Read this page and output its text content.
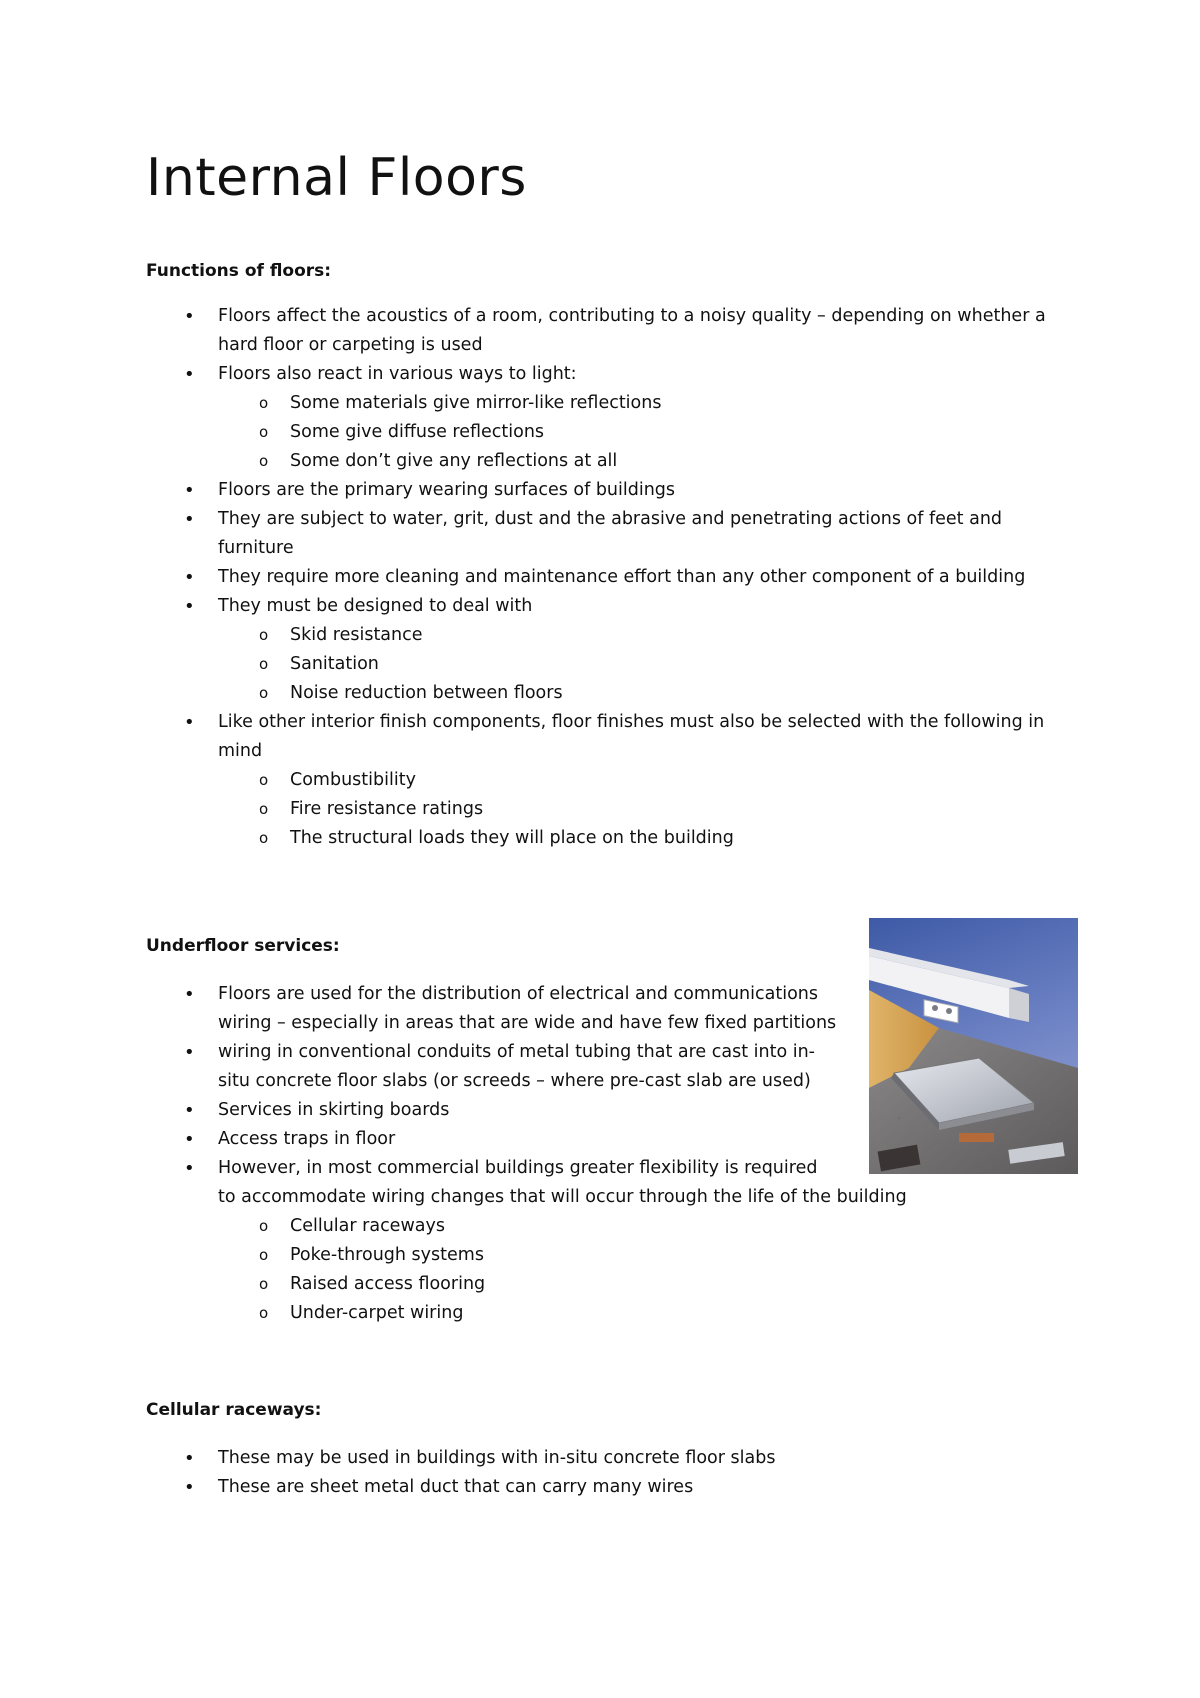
Internal Floors
Functions of floors:
• Floors affect the acoustics of a room, contributing to a noisy quality – depending on whether a hard floor or carpeting is used
• Floors also react in various ways to light:
o Some materials give mirror-like reflections
o Some give diffuse reflections
o Some don’t give any reflections at all
• Floors are the primary wearing surfaces of buildings
• They are subject to water, grit, dust and the abrasive and penetrating actions of feet and furniture
• They require more cleaning and maintenance effort than any other component of a building
• They must be designed to deal with
o Skid resistance
o Sanitation
o Noise reduction between floors
• Like other interior finish components, floor finishes must also be selected with the following in mind
o Combustibility
o Fire resistance ratings
o The structural loads they will place on the building
Underfloor services:
• Floors are used for the distribution of electrical and communications
wiring – especially in areas that are wide and have few fixed partitions
• wiring in conventional conduits of metal tubing that are cast into in-
situ concrete floor slabs (or screeds – where pre-cast slab are used)
• Services in skirting boards
• Access traps in floor
• However, in most commercial buildings greater flexibility is required
to accommodate wiring changes that will occur through the life of the building
o Cellular raceways
o Poke-through systems
o Raised access flooring
o Under-carpet wiring
Cellular raceways:
• These may be used in buildings with in-situ concrete floor slabs
• These are sheet metal duct that can carry many wires
